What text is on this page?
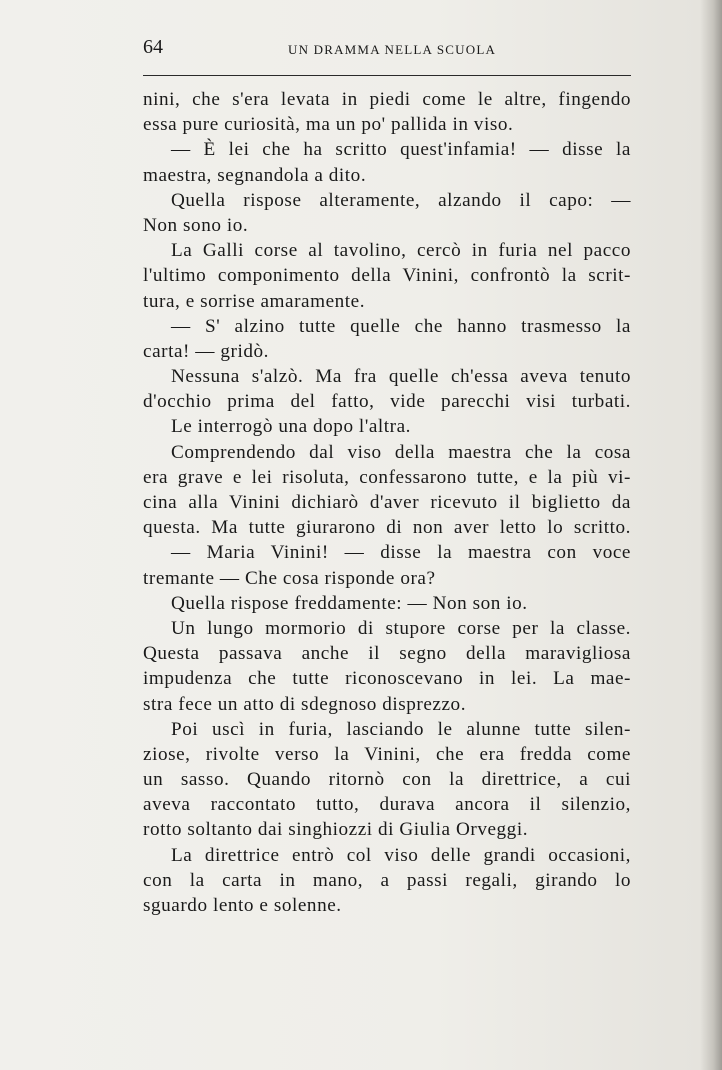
64	UN DRAMMA NELLA SCUOLA
nini, che s'era levata in piedi come le altre, fingendo
essa pure curiosità, ma un po' pallida in viso.
— È lei che ha scritto quest'infamia! — disse la
maestra, segnandola a dito.
Quella rispose alteramente, alzando il capo: —
Non sono io.
La Galli corse al tavolino, cercò in furia nel pacco
l'ultimo componimento della Vinini, confrontò la scrit-
tura, e sorrise amaramente.
— S' alzino tutte quelle che hanno trasmesso la
carta! — gridò.
Nessuna s'alzò. Ma fra quelle ch'essa aveva tenuto
d'occhio prima del fatto, vide parecchi visi turbati.
Le interrogò una dopo l'altra.
Comprendendo dal viso della maestra che la cosa
era grave e lei risoluta, confessarono tutte, e la più vi-
cina alla Vinini dichiarò d'aver ricevuto il biglietto da
questa. Ma tutte giurarono di non aver letto lo scritto.
— Maria Vinini! — disse la maestra con voce
tremante — Che cosa risponde ora?
Quella rispose freddamente: — Non son io.
Un lungo mormorio di stupore corse per la classe.
Questa passava anche il segno della maravigliosa
impudenza che tutte riconoscevano in lei. La mae-
stra fece un atto di sdegnoso disprezzo.
Poi uscì in furia, lasciando le alunne tutte silen-
ziose, rivolte verso la Vinini, che era fredda come
un sasso. Quando ritornò con la direttrice, a cui
aveva raccontato tutto, durava ancora il silenzio,
rotto soltanto dai singhiozzi di Giulia Orveggi.
La direttrice entrò col viso delle grandi occasioni,
con la carta in mano, a passi regali, girando lo
sguardo lento e solenne.
